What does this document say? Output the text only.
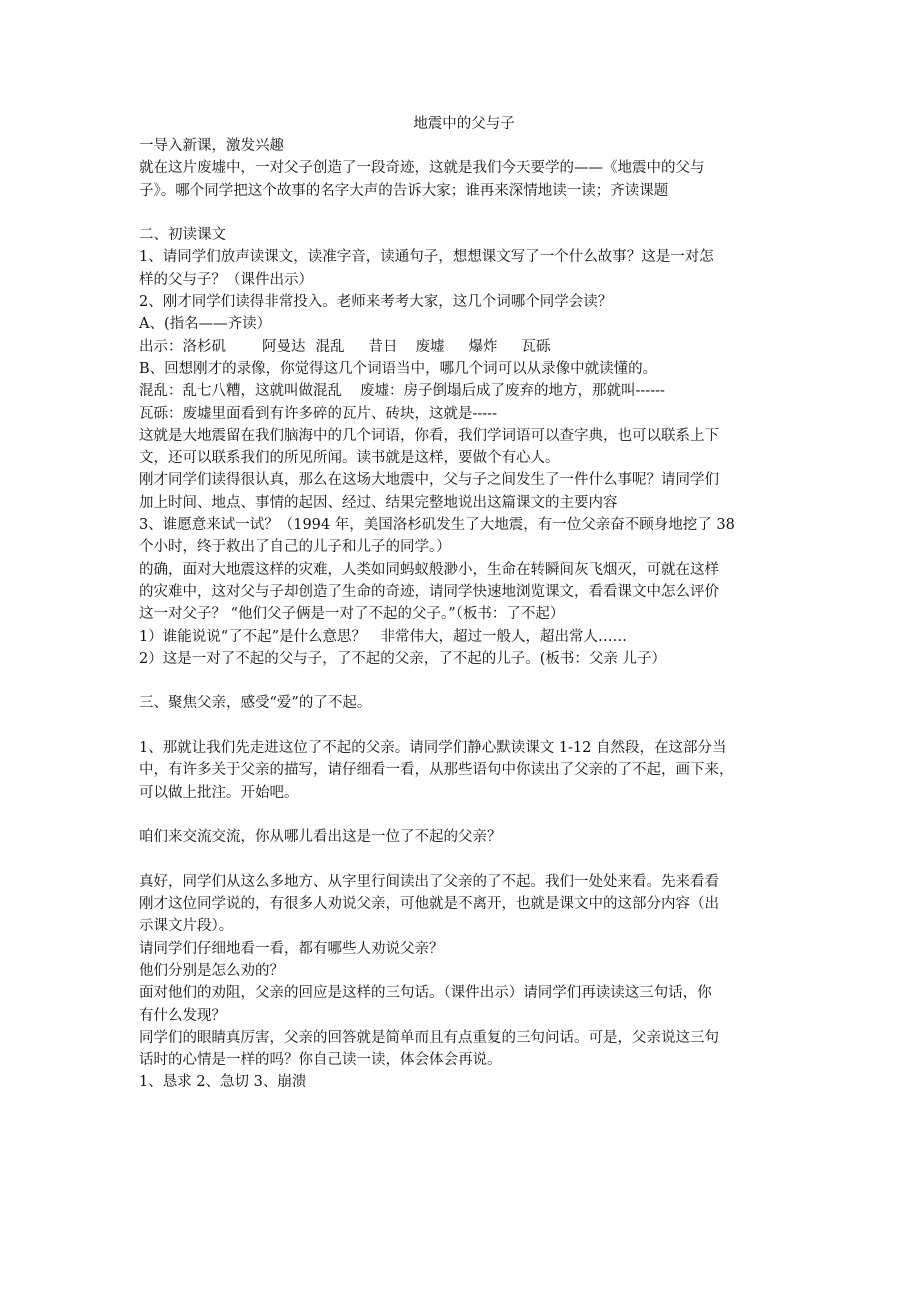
地震中的父与子
一导入新课，激发兴趣
就在这片废墟中，一对父子创造了一段奇迹，这就是我们今天要学的——《地震中的父与
子》。哪个同学把这个故事的名字大声的告诉大家；谁再来深情地读一读；齐读课题
二、初读课文
1、请同学们放声读课文，读准字音，读通句子，想想课文写了一个什么故事？这是一对怎
样的父与子？（课件出示）
2、刚才同学们读得非常投入。老师来考考大家，这几个词哪个同学会读？
A、(指名——齐读）
出示：洛杉矶 阿曼达 混乱 昔日 废墟 爆炸 瓦砾
B、回想刚才的录像，你觉得这几个词语当中，哪几个词可以从录像中就读懂的。
混乱：乱七八糟，这就叫做混乱 废墟：房子倒塌后成了废弃的地方，那就叫------
瓦砾：废墟里面看到有许多碎的瓦片、砖块，这就是-----
这就是大地震留在我们脑海中的几个词语，你看，我们学词语可以查字典，也可以联系上下
文，还可以联系我们的所见所闻。读书就是这样，要做个有心人。
刚才同学们读得很认真，那么在这场大地震中，父与子之间发生了一件什么事呢？请同学们
加上时间、地点、事情的起因、经过、结果完整地说出这篇课文的主要内容
3、谁愿意来试一试？（1994 年，美国洛杉矶发生了大地震，有一位父亲奋不顾身地挖了 38
个小时，终于救出了自己的儿子和儿子的同学。）
的确，面对大地震这样的灾难，人类如同蚂蚁般渺小，生命在转瞬间灰飞烟灭，可就在这样
的灾难中，这对父与子却创造了生命的奇迹，请同学快速地浏览课文，看看课文中怎么评价
这一对父子？ “他们父子俩是一对了不起的父子。”（板书：了不起）
1）谁能说说“了不起”是什么意思？　非常伟大，超过一般人，超出常人……
2）这是一对了不起的父与子，了不起的父亲，了不起的儿子。(板书：父亲 儿子）
三、聚焦父亲，感受“爱”的了不起。
1、那就让我们先走进这位了不起的父亲。请同学们静心默读课文 1-12 自然段，在这部分当
中，有许多关于父亲的描写，请仔细看一看，从那些语句中你读出了父亲的了不起，画下来，
可以做上批注。开始吧。
咱们来交流交流，你从哪儿看出这是一位了不起的父亲？
真好，同学们从这么多地方、从字里行间读出了父亲的了不起。我们一处处来看。先来看看
刚才这位同学说的，有很多人劝说父亲，可他就是不离开，也就是课文中的这部分内容（出
示课文片段）。
请同学们仔细地看一看，都有哪些人劝说父亲？
他们分别是怎么劝的？
面对他们的劝阻，父亲的回应是这样的三句话。（课件出示）请同学们再读读这三句话，你
有什么发现？
同学们的眼睛真厉害，父亲的回答就是简单而且有点重复的三句问话。可是，父亲说这三句
话时的心情是一样的吗？你自己读一读，体会体会再说。
1、恳求 2、急切 3、崩溃
